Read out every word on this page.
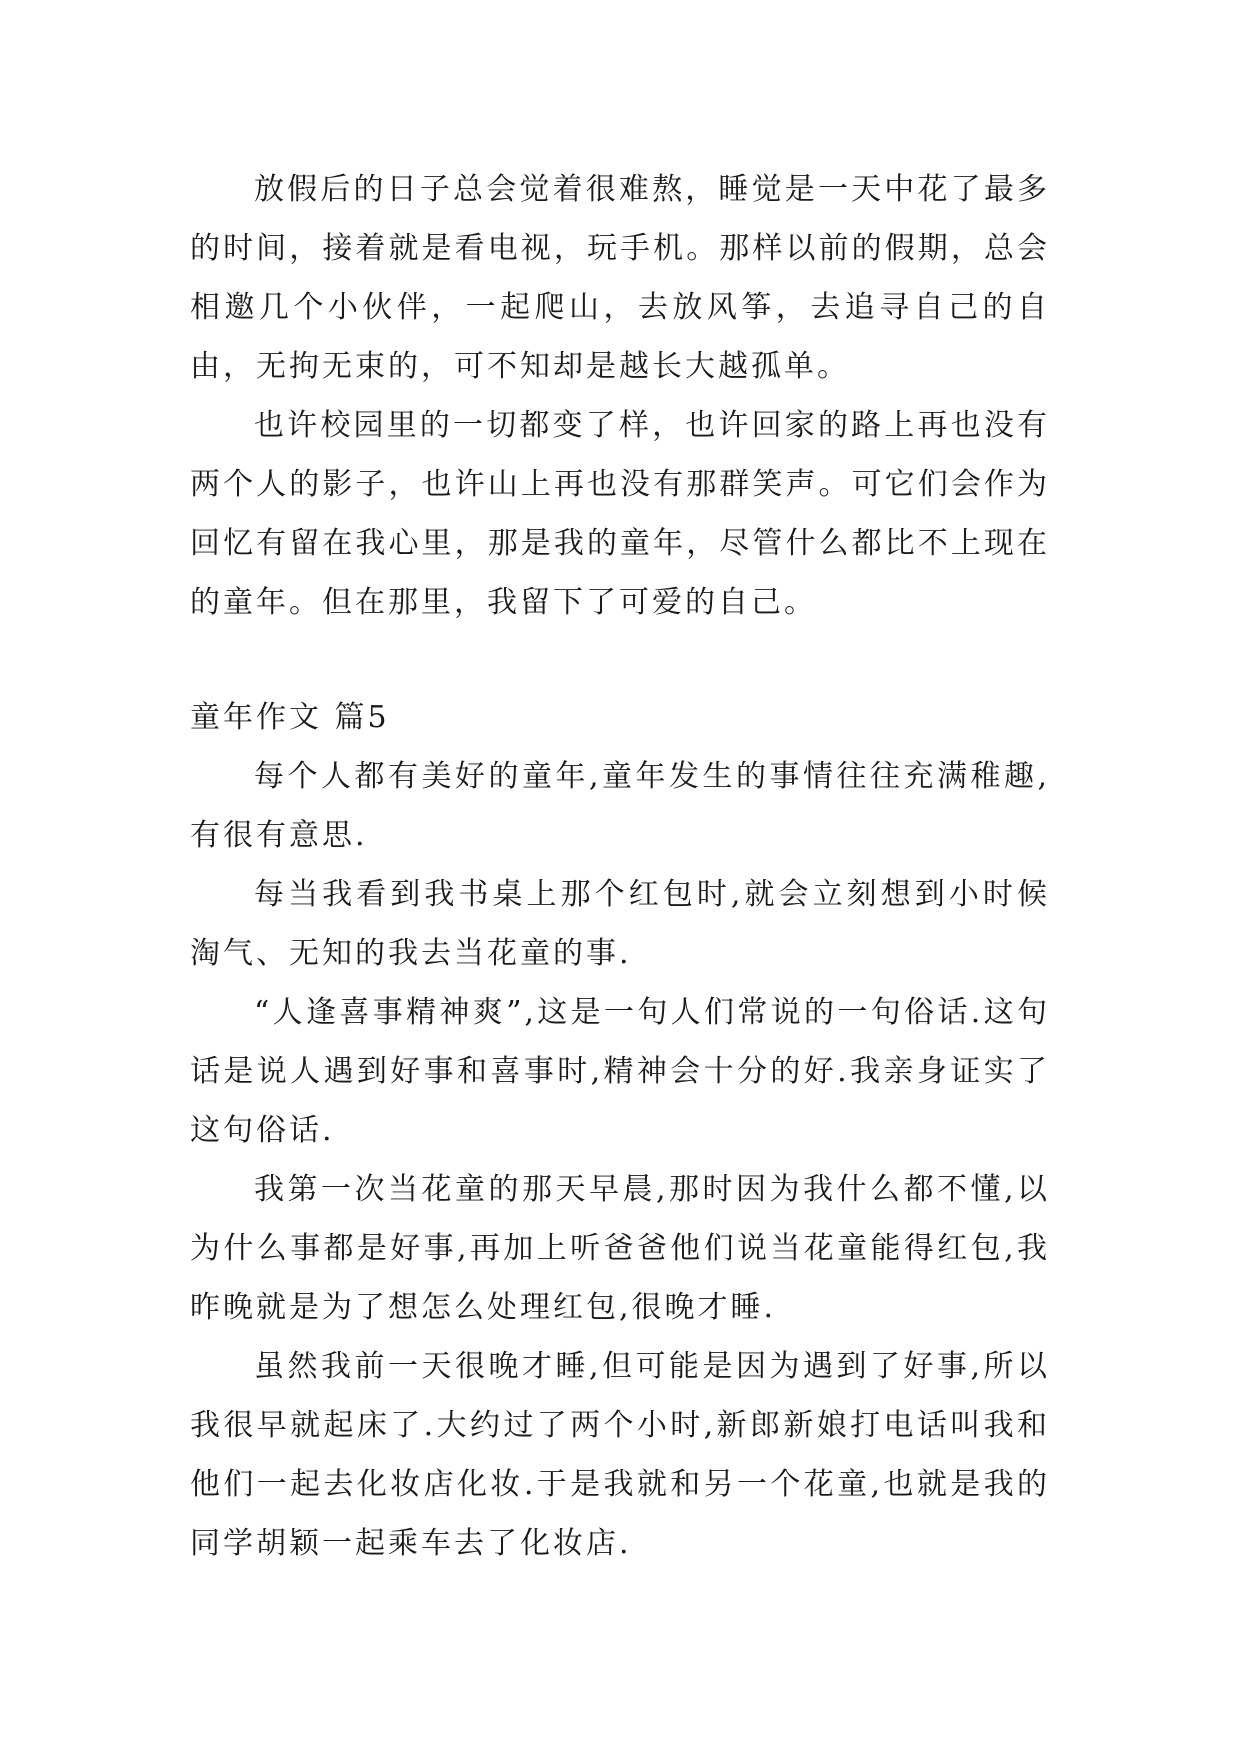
放假后的日子总会觉着很难熬，睡觉是一天中花了最多的时间，接着就是看电视，玩手机。那样以前的假期，总会相邀几个小伙伴，一起爬山，去放风筝，去追寻自己的自由，无拘无束的，可不知却是越长大越孤单。

也许校园里的一切都变了样，也许回家的路上再也没有两个人的影子，也许山上再也没有那群笑声。可它们会作为回忆有留在我心里，那是我的童年，尽管什么都比不上现在的童年。但在那里，我留下了可爱的自己。

童年作文 篇5

每个人都有美好的童年,童年发生的事情往往充满稚趣,有很有意思.

每当我看到我书桌上那个红包时,就会立刻想到小时候淘气、无知的我去当花童的事.

“人逢喜事精神爽”,这是一句人们常说的一句俗话.这句话是说人遇到好事和喜事时,精神会十分的好.我亲身证实了这句俗话.

我第一次当花童的那天早晨,那时因为我什么都不懂,以为什么事都是好事,再加上听爸爸他们说当花童能得红包,我昨晚就是为了想怎么处理红包,很晚才睡.

虽然我前一天很晚才睡,但可能是因为遇到了好事,所以我很早就起床了.大约过了两个小时,新郎新娘打电话叫我和他们一起去化妆店化妆.于是我就和另一个花童,也就是我的同学胡颖一起乘车去了化妆店.
